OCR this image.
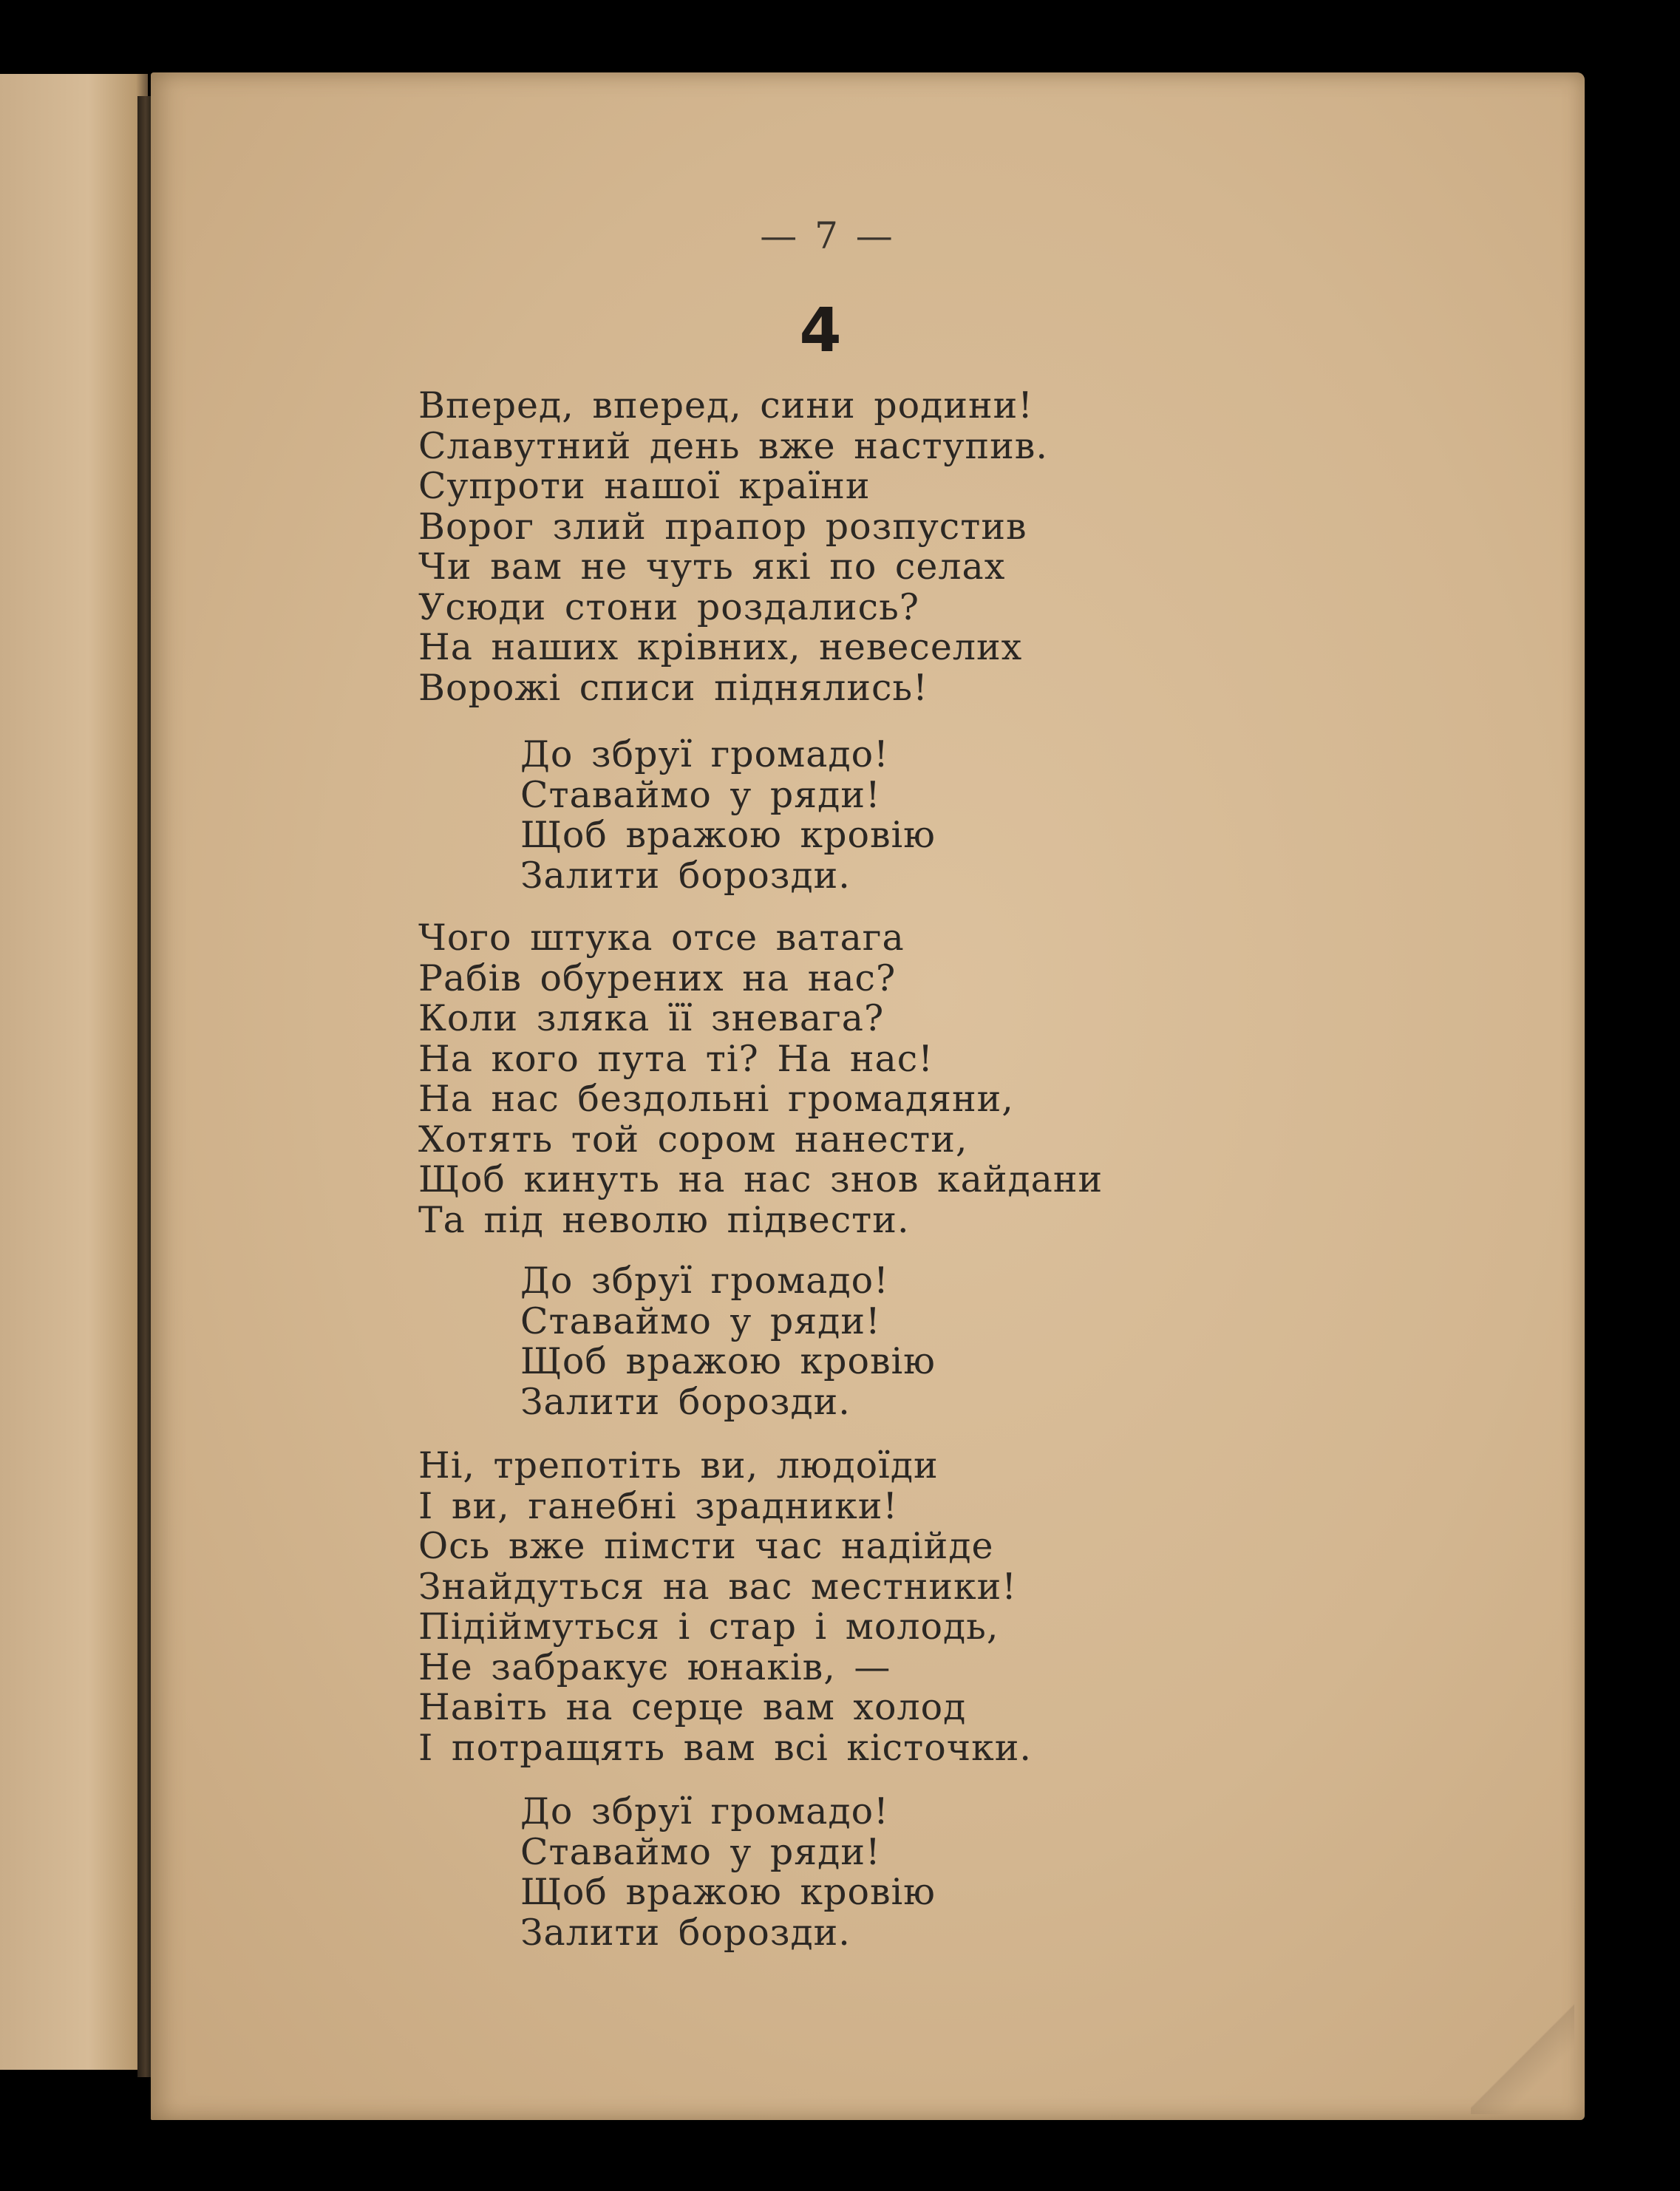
— 7 —
4
Вперед, вперед, сини родини!
Славутний день вже наступив.
Супроти нашої країни
Ворог злий прапор розпустив
Чи вам не чуть які по селах
Усюди стони роздались?
На наших крівних, невеселих
Ворожі списи піднялись!
До збруї громадо!
Ставаймо у ряди!
Щоб вражою кровію
Залити борозди.
Чого штука отсе ватага
Рабів обурених на нас?
Коли зляка її зневага?
На кого пута ті? На нас!
На нас бездольні громадяни,
Хотять той сором нанести,
Щоб кинуть на нас знов кайдани
Та під неволю підвести.
До збруї громадо!
Ставаймо у ряди!
Щоб вражою кровію
Залити борозди.
Ні, трепотіть ви, людоїди
І ви, ганебні зрадники!
Ось вже пімсти час надійде
Знайдуться на вас местники!
Підіймуться і стар і молодь,
Не забракує юнаків, —
Навіть на серце вам холод
І потращять вам всі кісточки.
До збруї громадо!
Ставаймо у ряди!
Щоб вражою кровію
Залити борозди.
